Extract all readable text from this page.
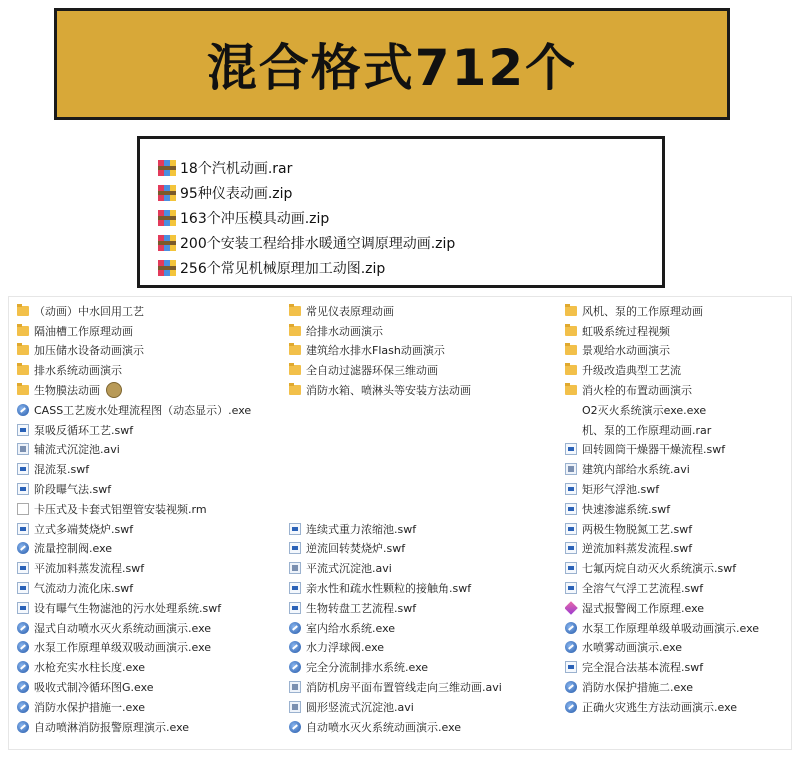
混合格式712个
18个汽机动画.rar
95种仪表动画.zip
163个冲压模具动画.zip
200个安装工程给排水暖通空调原理动画.zip
256个常见机械原理加工动图.zip
（动画）中水回用工艺
隔油槽工作原理动画
加压储水设备动画演示
排水系统动画演示
生物膜法动画
CASS工艺废水处理流程图（动态显示）.exe
泵吸反循环工艺.swf
辅流式沉淀池.avi
混流泵.swf
阶段曝气法.swf
卡压式及卡套式铝塑管安装视频.rm
立式多端焚烧炉.swf
流量控制阀.exe
平流加料蒸发流程.swf
气流动力流化床.swf
设有曝气生物滤池的污水处理系统.swf
湿式自动喷水灭火系统动画演示.exe
水泵工作原理单级双吸动画演示.exe
水枪充实水柱长度.exe
吸收式制冷循环图G.exe
消防水保护措施一.exe
自动喷淋消防报警原理演示.exe
常见仪表原理动画
给排水动画演示
建筑给水排水Flash动画演示
全自动过滤器环保三维动画
消防水箱、喷淋头等安装方法动画
连续式重力浓缩池.swf
逆流回转焚烧炉.swf
平流式沉淀池.avi
亲水性和疏水性颗粒的接触角.swf
生物转盘工艺流程.swf
室内给水系统.exe
水力浮球阀.exe
完全分流制排水系统.exe
消防机房平面布置管线走向三维动画.avi
圆形竖流式沉淀池.avi
自动喷水灭火系统动画演示.exe
风机、泵的工作原理动画
虹吸系统过程视频
景观给水动画演示
升级改造典型工艺流
消火栓的布置动画演示
O2灭火系统演示exe.exe
机、泵的工作原理动画.rar
回转圆筒干燥器干燥流程.swf
建筑内部给水系统.avi
矩形气浮池.swf
快速渗滤系统.swf
两极生物脱氮工艺.swf
逆流加料蒸发流程.swf
七氟丙烷自动灭火系统演示.swf
全溶气气浮工艺流程.swf
湿式报警阀工作原理.exe
水泵工作原理单级单吸动画演示.exe
水喷雾动画演示.exe
完全混合法基本流程.swf
消防水保护措施二.exe
正确火灾逃生方法动画演示.exe
